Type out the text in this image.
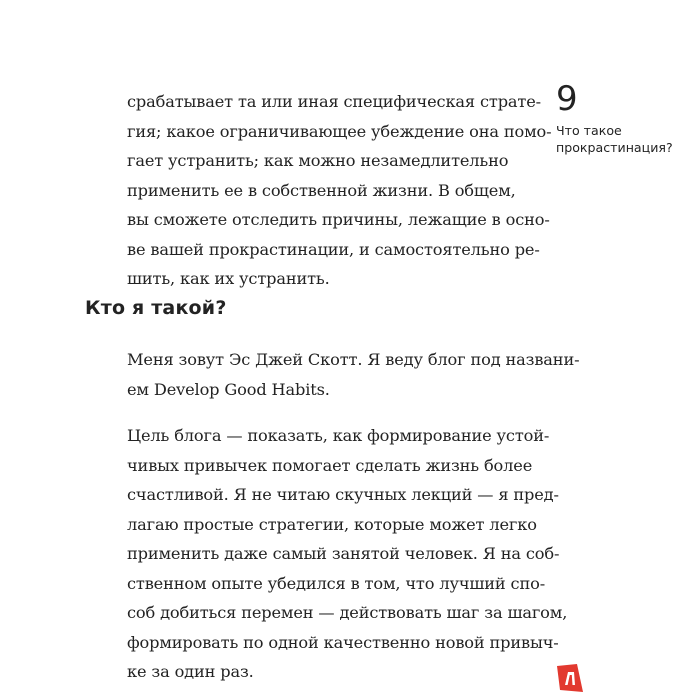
9
Что такое
прокрастинация?
срабатывает та или иная специфическая страте-
гия; какое ограничивающее убеждение она помо-
гает устранить; как можно незамедлительно
применить ее в собственной жизни. В общем,
вы сможете отследить причины, лежащие в осно-
ве вашей прокрастинации, и самостоятельно ре-
шить, как их устранить.
Кто я такой?
Меня зовут Эс Джей Скотт. Я веду блог под названи-
ем Develop Good Habits.
Цель блога — показать, как формирование устой-
чивых привычек помогает сделать жизнь более
счастливой. Я не читаю скучных лекций — я пред-
лагаю простые стратегии, которые может легко
применить даже самый занятой человек. Я на соб-
ственном опыте убедился в том, что лучший спо-
соб добиться перемен — действовать шаг за шагом,
формировать по одной качественно новой привыч-
ке за один раз.
